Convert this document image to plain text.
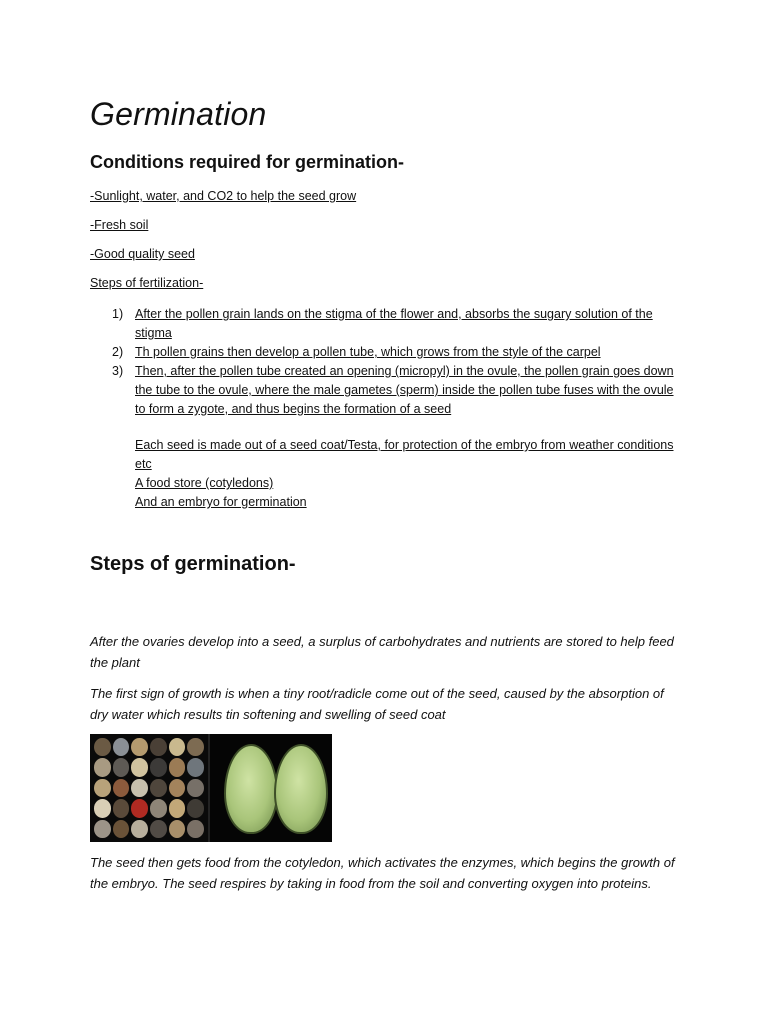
Germination
Conditions required for germination-

-Sunlight, water, and CO2 to help the seed grow

-Fresh soil

-Good quality seed

Steps of fertilization-

1) After the pollen grain lands on the stigma of the flower and, absorbs the sugary solution of the stigma
2) Th pollen grains then develop a pollen tube, which grows from the style of the carpel
3) Then, after the pollen tube created an opening (micropyl) in the ovule, the pollen grain goes down the tube to the ovule, where the male gametes (sperm) inside the pollen tube fuses with the ovule to form a zygote, and thus begins the formation of a seed
Each seed is made out of a seed coat/Testa, for protection of the embryo from weather conditions etc
A food store (cotyledons)
And an embryo for germination
Steps of germination-

After the ovaries develop into a seed, a surplus of carbohydrates and nutrients are stored to help feed the plant

The first sign of growth is when a tiny root/radicle come out of the seed, caused by the absorption of dry water which results tin softening and swelling of seed coat

The seed then gets food from the cotyledon, which activates the enzymes, which begins the growth of the embryo. The seed respires by taking in food from the soil and converting oxygen into proteins.
